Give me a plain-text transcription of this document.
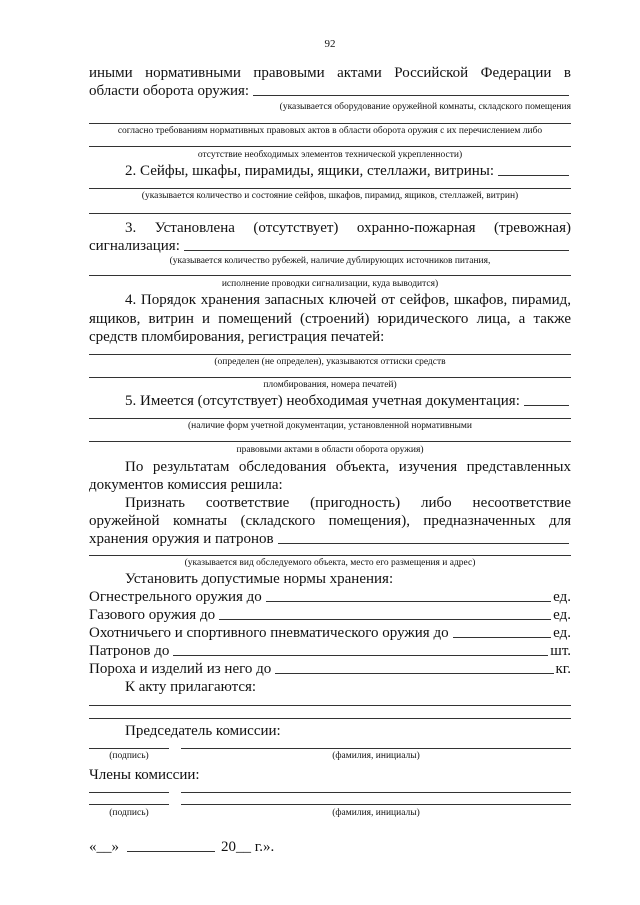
92
иными нормативными правовыми актами Российской Федерации в
области оборота оружия:
(указывается оборудование оружейной комнаты, складского помещения
согласно требованиям нормативных правовых актов в области оборота оружия с их перечислением либо
отсутствие необходимых элементов технической укрепленности)
2. Сейфы, шкафы, пирамиды, ящики, стеллажи, витрины:
(указывается количество и состояние сейфов, шкафов, пирамид, ящиков, стеллажей, витрин)
3. Установлена (отсутствует) охранно-пожарная (тревожная)
сигнализация:
(указывается количество рубежей, наличие дублирующих источников питания,
исполнение проводки сигнализации, куда выводится)
4. Порядок хранения запасных ключей от сейфов, шкафов, пирамид,
ящиков, витрин и помещений (строений) юридического лица, а также
средств пломбирования, регистрация печатей:
(определен (не определен), указываются оттиски средств
пломбирования, номера печатей)
5. Имеется (отсутствует) необходимая учетная документация:
(наличие форм учетной документации, установленной нормативными
правовыми актами в области оборота оружия)
По результатам обследования объекта, изучения представленных
документов комиссия решила:
Признать соответствие (пригодность) либо несоответствие
оружейной комнаты (складского помещения), предназначенных для
хранения оружия и патронов
(указывается вид обследуемого объекта, место его размещения и адрес)
Установить допустимые нормы хранения:
Огнестрельного оружия до	ед.
Газового оружия до	ед.
Охотничьего и спортивного пневматического оружия до	ед.
Патронов до	шт.
Пороха и изделий из него до	кг.
К акту прилагаются:
Председатель комиссии:
(подпись)	(фамилия, инициалы)
Члены комиссии:
(подпись)	(фамилия, инициалы)
«__»	20__ г.».
